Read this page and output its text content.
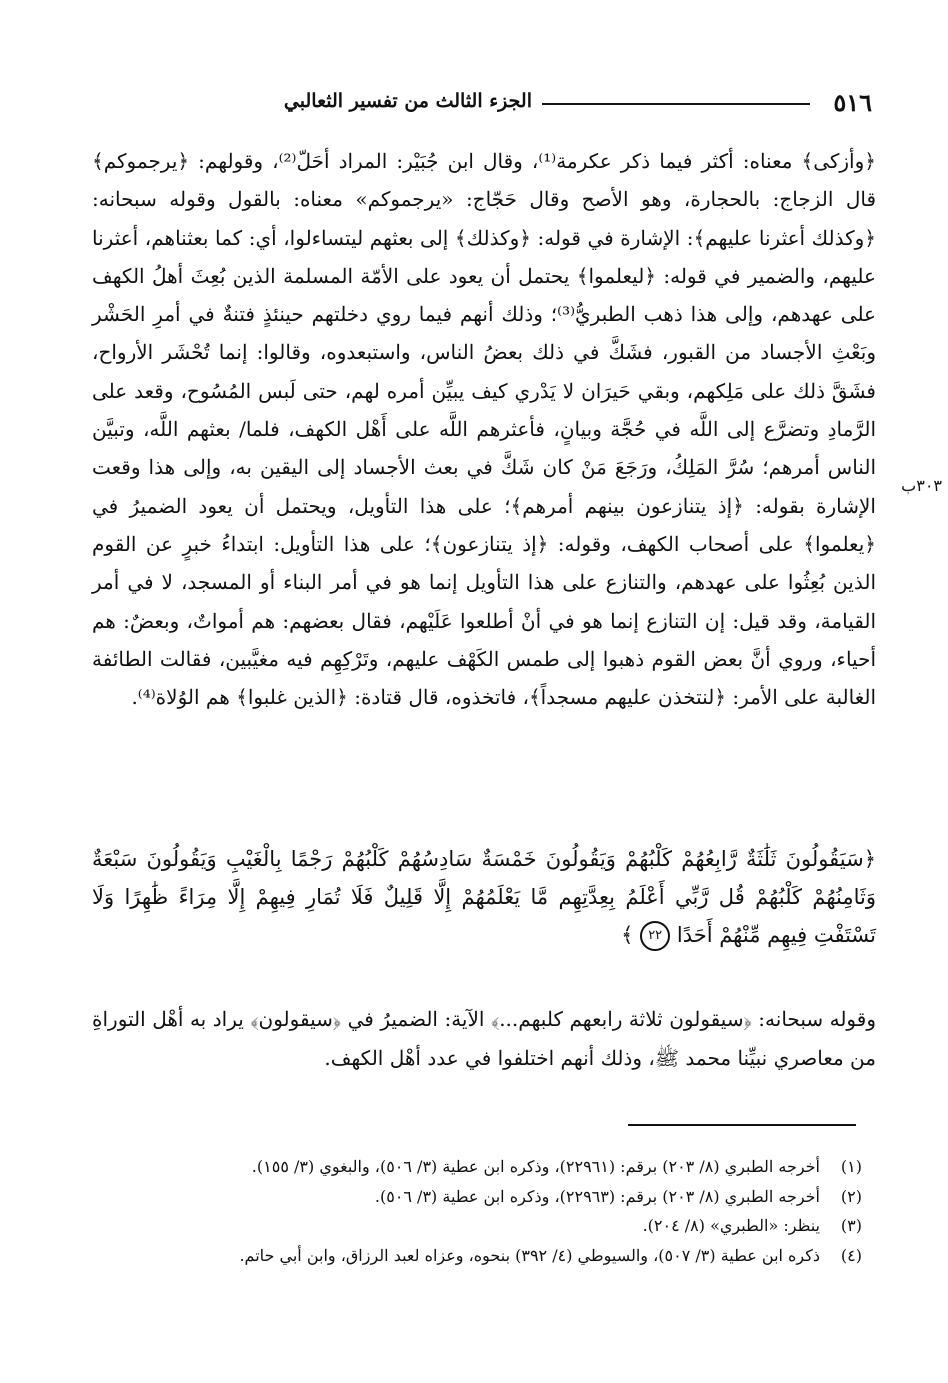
٥١٦
الجزء الثالث من تفسير الثعالبي

﴿وأزكى﴾ معناه: أكثر فيما ذكر عكرمة⁽¹⁾، وقال ابن جُبَيْر: المراد أحَلّ⁽²⁾، وقولهم: ﴿يرجموكم﴾ قال الزجاج: بالحجارة، وهو الأصح وقال حَجّاج: «يرجموكم» معناه: بالقول وقوله سبحانه: ﴿وكذلك أعثرنا عليهم﴾: الإشارة في قوله: ﴿وكذلك﴾ إلى بعثهم ليتساءلوا، أي: كما بعثناهم، أعثرنا عليهم، والضمير في قوله: ﴿ليعلموا﴾ يحتمل أن يعود على الأمّة المسلمة الذين بُعِثَ أهلُ الكهف على عهدهم، وإلى هذا ذهب الطبريُّ⁽³⁾؛ وذلك أنهم فيما روي دخلتهم حينئذٍ فتنةٌ في أمرِ الحَشْر وبَعْثِ الأجساد من القبور، فشَكَّ في ذلك بعضُ الناس، واستبعدوه، وقالوا: إنما تُحْشَر الأرواح، فشَقَّ ذلك على مَلِكهم، وبقي حَيرَان لا يَدْري كيف يبيِّن أمره لهم، حتى لَبس المُسُوح، وقعد على الرَّمادِ وتضرَّع إلى اللَّه في حُجَّة وبيانٍ، فأعثرهم اللَّه على أَهْل الكهف، فلما/ بعثهم اللَّه، وتبيَّن الناس أمرهم؛ سُرَّ المَلِكُ، ورَجَعَ مَنْ كان شَكَّ في بعث الأجساد إلى اليقين به، وإلى هذا وقعت الإشارة بقوله: ﴿إذ يتنازعون بينهم أمرهم﴾؛ على هذا التأويل، ويحتمل أن يعود الضميرُ في ﴿يعلموا﴾ على أصحاب الكهف، وقوله: ﴿إذ يتنازعون﴾؛ على هذا التأويل: ابتداءُ خبرٍ عن القوم الذين بُعِثُوا على عهدهم، والتنازع على هذا التأويل إنما هو في أمر البناء أو المسجد، لا في أمر القيامة، وقد قيل: إن التنازع إنما هو في أنْ أطلعوا عَلَيْهم، فقال بعضهم: هم أمواتٌ، وبعضٌ: هم أحياء، وروي أنَّ بعض القوم ذهبوا إلى طمس الكَهْف عليهم، وتَرْكِهِم فيه مغيَّبين، فقالت الطائفة الغالبة على الأمر: ﴿لنتخذن عليهم مسجداً﴾، فاتخذوه، قال قتادة: ﴿الذين غلبوا﴾ هم الوُلاة⁽⁴⁾.

٣٠٣ب
﴿سَيَقُولُونَ ثَلَٰثَةٌ رَّابِعُهُمْ كَلْبُهُمْ وَيَقُولُونَ خَمْسَةٌ سَادِسُهُمْ كَلْبُهُمْ رَجْمًا بِالْغَيْبِ وَيَقُولُونَ سَبْعَةٌ وَثَامِنُهُمْ كَلْبُهُمْ قُل رَّبِّي أَعْلَمُ بِعِدَّتِهِم مَّا يَعْلَمُهُمْ إِلَّا قَلِيلٌ فَلَا تُمَارِ فِيهِمْ إِلَّا مِرَاءً ظَٰهِرًا وَلَا تَسْتَفْتِ فِيهِم مِّنْهُمْ أَحَدًا ٢٢ ﴾

وقوله سبحانه: ﴿سيقولون ثلاثة رابعهم كلبهم...﴾ الآية: الضميرُ في ﴿سيقولون﴾ يراد به أهْل التوراةِ من معاصري نبيِّنا محمد ﷺ، وذلك أنهم اختلفوا في عدد أهْل الكهف.

(١)
أخرجه الطبري (٨/ ٢٠٣) برقم: (٢٢٩٦١)، وذكره ابن عطية (٣/ ٥٠٦)، والبغوي (٣/ ١٥٥).
(٢)
أخرجه الطبري (٨/ ٢٠٣) برقم: (٢٢٩٦٣)، وذكره ابن عطية (٣/ ٥٠٦).
(٣)
ينظر: «الطبري» (٨/ ٢٠٤).
(٤)
ذكره ابن عطية (٣/ ٥٠٧)، والسيوطي (٤/ ٣٩٢) بنحوه، وعزاه لعبد الرزاق، وابن أبي حاتم.
